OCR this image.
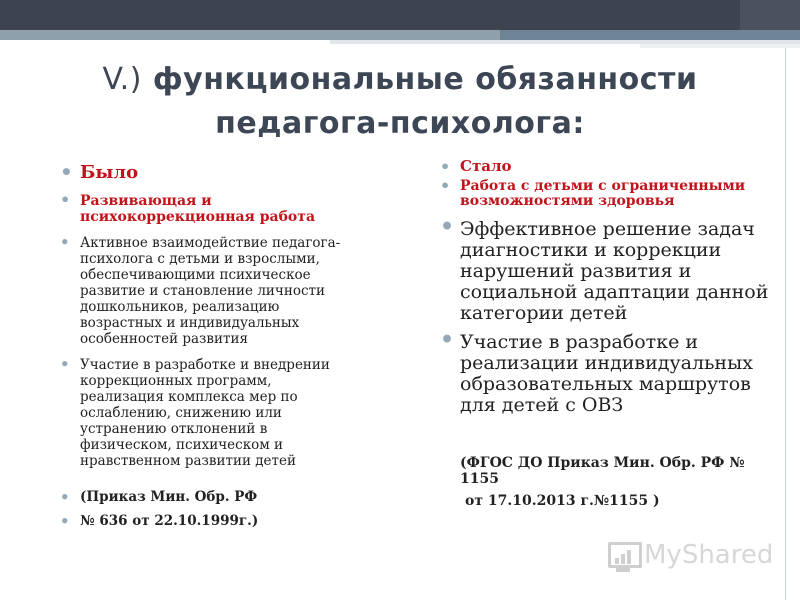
V.) функциональные обязанности педагога-психолога:
• Было
• Развивающая и психокоррекционная работа
• Активное взаимодействие педагога-психолога с детьми и взрослыми, обеспечивающими психическое развитие и становление личности дошкольников, реализацию возрастных и индивидуальных особенностей развития
• Участие в разработке и внедрении коррекционных программ, реализация комплекса мер по ослаблению, снижению или устранению отклонений в физическом, психическом и нравственном развитии детей
• (Приказ Мин. Обр. РФ
• № 636 от 22.10.1999г.)
• Стало
• Работа с детьми с ограниченными возможностями здоровья
• Эффективное решение задач диагностики и коррекции нарушений развития и социальной адаптации данной категории детей
• Участие в разработке и реализации индивидуальных образовательных маршрутов для детей с ОВЗ
(ФГОС ДО Приказ Мин. Обр. РФ № 1155
от 17.10.2013 г.№1155 )
MyShared
